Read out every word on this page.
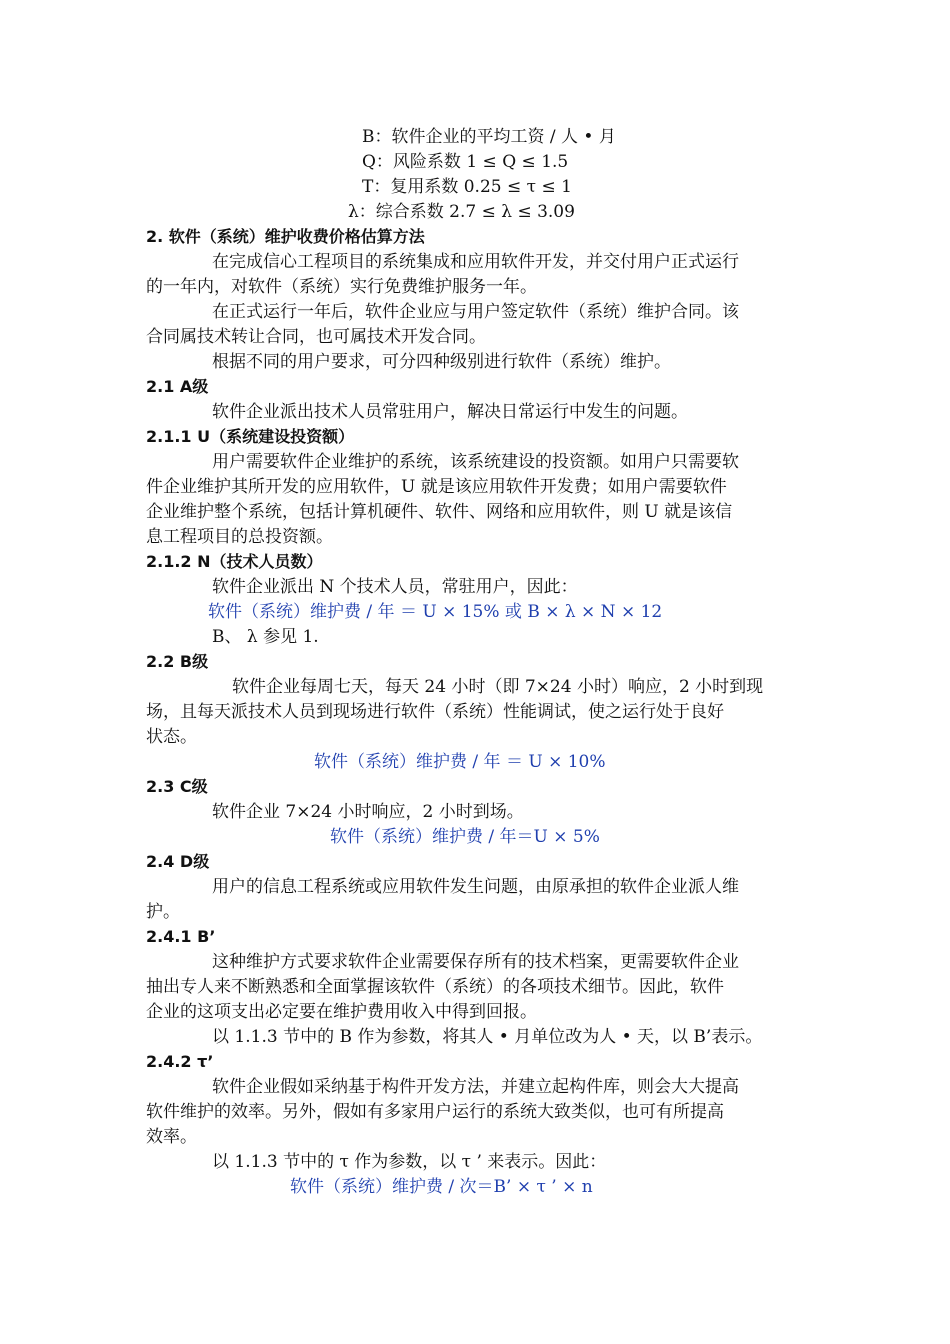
B：软件企业的平均工资 / 人 • 月
Q：风险系数 1 ≤ Q ≤ 1.5
T：复用系数 0.25 ≤ τ ≤ 1
λ：综合系数 2.7 ≤ λ ≤ 3.09
2. 软件（系统）维护收费价格估算方法
在完成信心工程项目的系统集成和应用软件开发，并交付用户正式运行
的一年内，对软件（系统）实行免费维护服务一年。
在正式运行一年后，软件企业应与用户签定软件（系统）维护合同。该
合同属技术转让合同，也可属技术开发合同。
根据不同的用户要求，可分四种级别进行软件（系统）维护。
2.1 A级
软件企业派出技术人员常驻用户，解决日常运行中发生的问题。
2.1.1 U（系统建设投资额）
用户需要软件企业维护的系统，该系统建设的投资额。如用户只需要软
件企业维护其所开发的应用软件，U 就是该应用软件开发费；如用户需要软件
企业维护整个系统，包括计算机硬件、软件、网络和应用软件，则 U 就是该信
息工程项目的总投资额。
2.1.2 N（技术人员数）
软件企业派出 N 个技术人员，常驻用户，因此：
软件（系统）维护费 / 年 ＝ U × 15% 或 B × λ × N × 12
B、 λ 参见 1.
2.2 B级
软件企业每周七天，每天 24 小时（即 7×24 小时）响应，2 小时到现
场，且每天派技术人员到现场进行软件（系统）性能调试，使之运行处于良好
状态。
软件（系统）维护费 / 年 ＝ U × 10%
2.3 C级
软件企业 7×24 小时响应，2 小时到场。
软件（系统）维护费 / 年＝U × 5%
2.4 D级
用户的信息工程系统或应用软件发生问题，由原承担的软件企业派人维
护。
2.4.1 B’
这种维护方式要求软件企业需要保存所有的技术档案，更需要软件企业
抽出专人来不断熟悉和全面掌握该软件（系统）的各项技术细节。因此，软件
企业的这项支出必定要在维护费用收入中得到回报。
以 1.1.3 节中的 B 作为参数，将其人 • 月单位改为人 • 天，以 B’表示。
2.4.2 τ’
软件企业假如采纳基于构件开发方法，并建立起构件库，则会大大提高
软件维护的效率。另外，假如有多家用户运行的系统大致类似，也可有所提高
效率。
以 1.1.3 节中的 τ 作为参数，以 τ ’ 来表示。因此：
软件（系统）维护费 / 次＝B’ × τ ’ × n
